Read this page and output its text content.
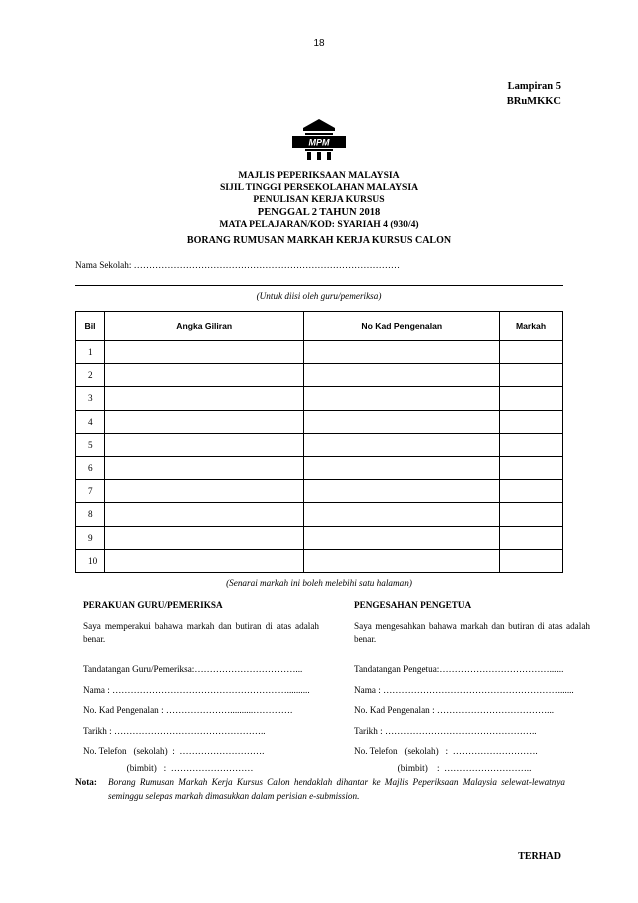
18
Lampiran 5
BRuMKKC
MPM
MAJLIS PEPERIKSAAN MALAYSIA
SIJIL TINGGI PERSEKOLAHAN MALAYSIA
PENULISAN KERJA KURSUS
PENGGAL 2 TAHUN 2018
MATA PELAJARAN/KOD: SYARIAH 4 (930/4)
BORANG RUMUSAN MARKAH KERJA KURSUS CALON
Nama Sekolah: ……………………………………………………………………………
(Untuk diisi oleh guru/pemeriksa)
Bil	Angka Giliran	No Kad Pengenalan	Markah
1			
2			
3			
4			
5			
6			
7			
8			
9			
10			
(Senarai markah ini boleh melebihi satu halaman)
PERAKUAN GURU/PEMERIKSA
Saya memperakui bahawa markah dan butiran di atas adalah benar.
Tandatangan Guru/Pemeriksa:……………………………...
Nama : …………………………………………………..........
No. Kad Pengenalan : …………………..........………….
Tarikh : …………………………………………..
No. Telefon   (sekolah)  :  ……………………….
(bimbit)   :  ………………………
PENGESAHAN PENGETUA
Saya mengesahkan bahawa markah dan butiran di atas adalah benar.
Tandatangan Pengetua:………………………………......
Nama : ………………………………………………….......
No. Kad Pengenalan : ………………………………...
Tarikh : …………………………………………..
No. Telefon   (sekolah)   :  ……………………….
(bimbit)    :  ………………………..
Nota: Borang Rumusan Markah Kerja Kursus Calon hendaklah dihantar ke Majlis Peperiksaan Malaysia selewat-lewatnya seminggu selepas markah dimasukkan dalam perisian e-submission.
TERHAD
